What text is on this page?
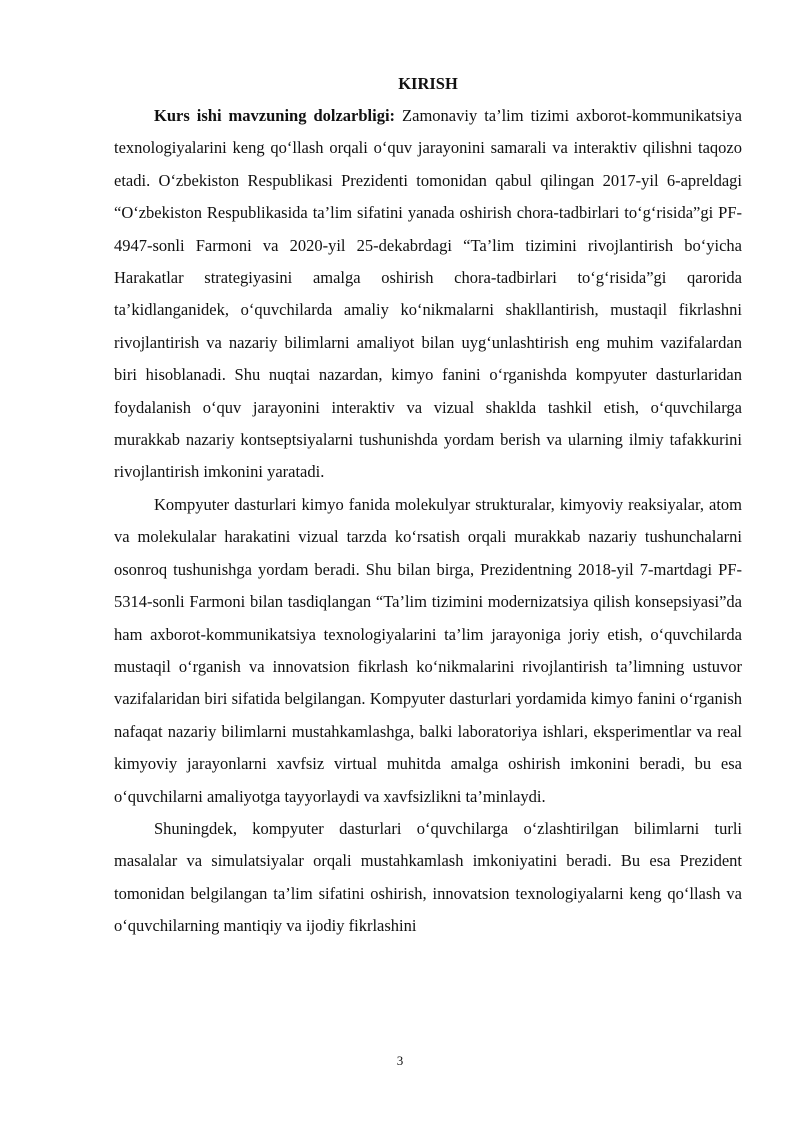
KIRISH

Kurs ishi mavzuning dolzarbligi: Zamonaviy ta’lim tizimi axborot-kommunikatsiya texnologiyalarini keng qo‘llash orqali o‘quv jarayonini samarali va interaktiv qilishni taqozo etadi. O‘zbekiston Respublikasi Prezidenti tomonidan qabul qilingan 2017-yil 6-apreldagi “O‘zbekiston Respublikasida ta’lim sifatini yanada oshirish chora-tadbirlari to‘g‘risida”gi PF-4947-sonli Farmoni va 2020-yil 25-dekabrdagi “Ta’lim tizimini rivojlantirish bo‘yicha Harakatlar strategiyasini amalga oshirish chora-tadbirlari to‘g‘risida”gi qarorida ta’kidlanganidek, o‘quvchilarda amaliy ko‘nikmalarni shakllantirish, mustaqil fikrlashni rivojlantirish va nazariy bilimlarni amaliyot bilan uyg‘unlashtirish eng muhim vazifalardan biri hisoblanadi. Shu nuqtai nazardan, kimyo fanini o‘rganishda kompyuter dasturlaridan foydalanish o‘quv jarayonini interaktiv va vizual shaklda tashkil etish, o‘quvchilarga murakkab nazariy kontseptsiyalarni tushunishda yordam berish va ularning ilmiy tafakkurini rivojlantirish imkonini yaratadi.

Kompyuter dasturlari kimyo fanida molekulyar strukturalar, kimyoviy reaksiyalar, atom va molekulalar harakatini vizual tarzda ko‘rsatish orqali murakkab nazariy tushunchalarni osonroq tushunishga yordam beradi. Shu bilan birga, Prezidentning 2018-yil 7-martdagi PF-5314-sonli Farmoni bilan tasdiqlangan “Ta’lim tizimini modernizatsiya qilish konsepsiyasi”da ham axborot-kommunikatsiya texnologiyalarini ta’lim jarayoniga joriy etish, o‘quvchilarda mustaqil o‘rganish va innovatsion fikrlash ko‘nikmalarini rivojlantirish ta’limning ustuvor vazifalaridan biri sifatida belgilangan. Kompyuter dasturlari yordamida kimyo fanini o‘rganish nafaqat nazariy bilimlarni mustahkamlashga, balki laboratoriya ishlari, eksperimentlar va real kimyoviy jarayonlarni xavfsiz virtual muhitda amalga oshirish imkonini beradi, bu esa o‘quvchilarni amaliyotga tayyorlaydi va xavfsizlikni ta’minlaydi.

Shuningdek, kompyuter dasturlari o‘quvchilarga o‘zlashtirilgan bilimlarni turli masalalar va simulatsiyalar orqali mustahkamlash imkoniyatini beradi. Bu esa Prezident tomonidan belgilangan ta’lim sifatini oshirish, innovatsion texnologiyalarni keng qo‘llash va o‘quvchilarning mantiqiy va ijodiy fikrlashini

3
